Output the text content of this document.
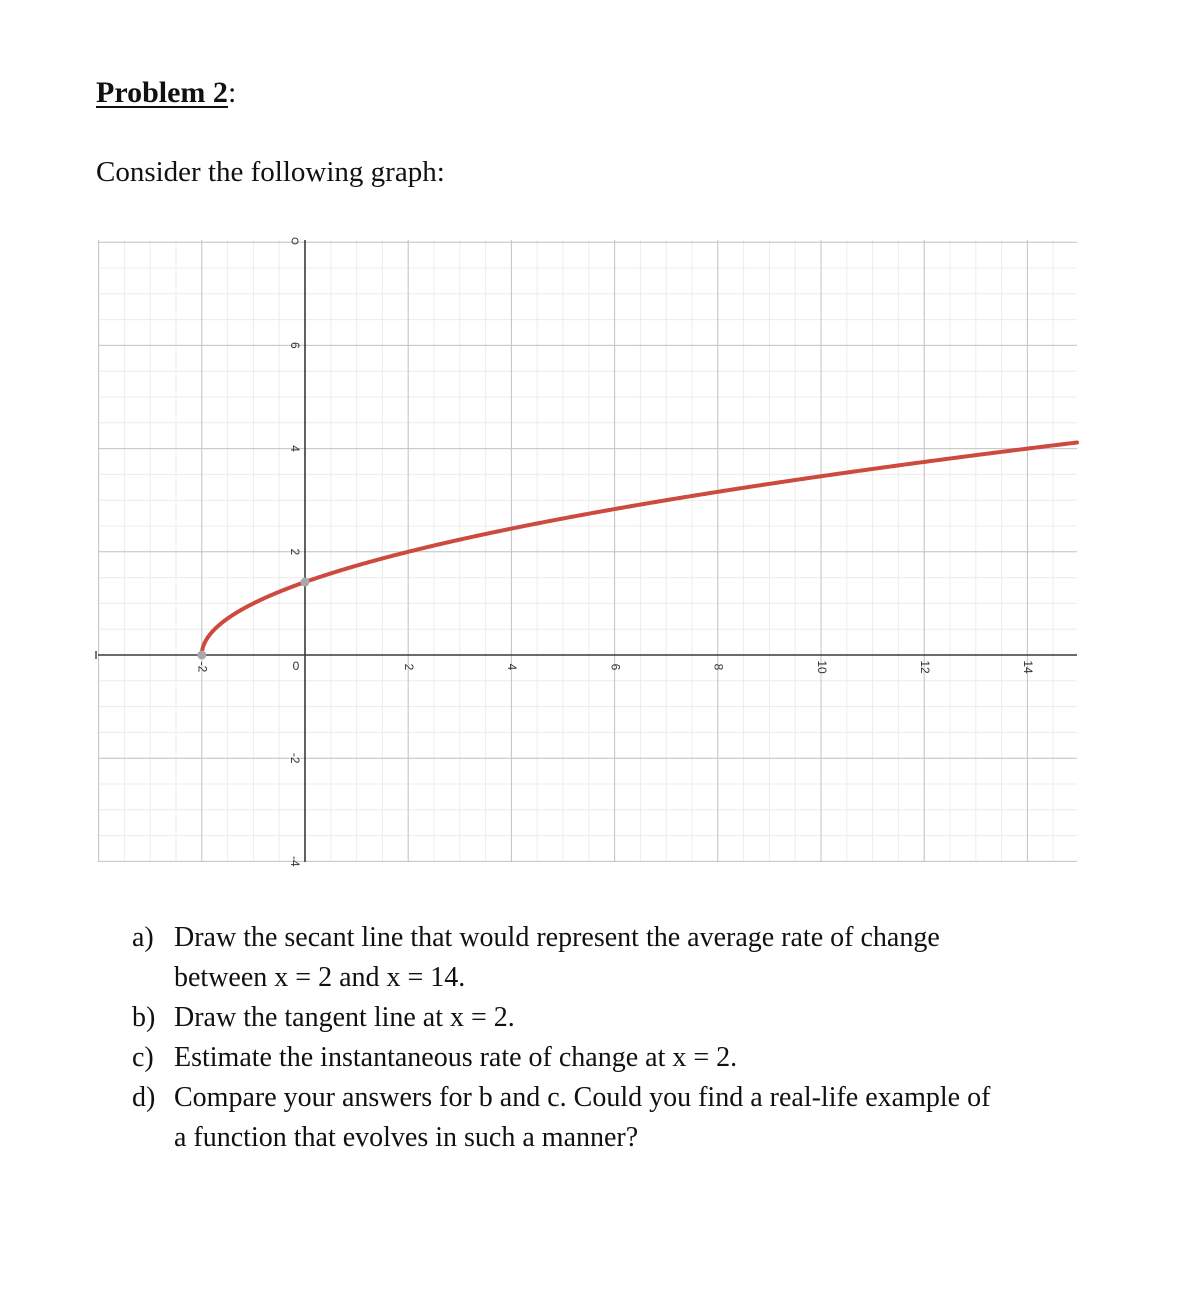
Problem 2:
Consider the following graph:
-2	0	2	4	6	8	10	12	14
6
4
2
-2
-4
a) Draw the secant line that would represent the average rate of change
between x = 2 and x = 14.
b) Draw the tangent line at x = 2.
c) Estimate the instantaneous rate of change at x = 2.
d) Compare your answers for b and c. Could you find a real-life example of
a function that evolves in such a manner?
